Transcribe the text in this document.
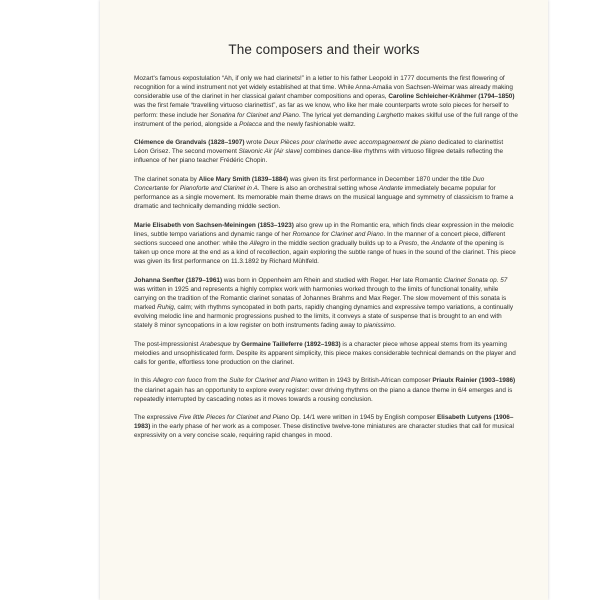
The composers and their works

Mozart's famous expostulation “Ah, if only we had clarinets!” in a letter to his father Leopold in 1777 documents the first flowering of recognition for a wind instrument not yet widely established at that time. While Anna-Amalia von Sachsen-Weimar was already making considerable use of the clarinet in her classical galant chamber compositions and operas, Caroline Schleicher-Krähmer (1794–1850) was the first female “travelling virtuoso clarinettist”, as far as we know, who like her male counterparts wrote solo pieces for herself to perform: these include her Sonatina for Clarinet and Piano. The lyrical yet demanding Larghetto makes skilful use of the full range of the instrument of the period, alongside a Polacca and the newly fashionable waltz.

Clémence de Grandvals (1828–1907) wrote Deux Pièces pour clarinette avec accompagnement de piano dedicated to clarinettist Léon Grisez. The second movement Slavonic Air [Air slave] combines dance-like rhythms with virtuoso filigree details reflecting the influence of her piano teacher Frédéric Chopin.

The clarinet sonata by Alice Mary Smith (1839–1884) was given its first performance in December 1870 under the title Duo Concertante for Pianoforte and Clarinet in A. There is also an orchestral setting whose Andante immediately became popular for performance as a single movement. Its memorable main theme draws on the musical language and symmetry of classicism to frame a dramatic and technically demanding middle section.

Marie Elisabeth von Sachsen-Meiningen (1853–1923) also grew up in the Romantic era, which finds clear expression in the melodic lines, subtle tempo variations and dynamic range of her Romance for Clarinet and Piano. In the manner of a concert piece, different sections succeed one another: while the Allegro in the middle section gradually builds up to a Presto, the Andante of the opening is taken up once more at the end as a kind of recollection, again exploring the subtle range of hues in the sound of the clarinet. This piece was given its first performance on 11.3.1892 by Richard Mühlfeld.

Johanna Senfter (1879–1961) was born in Oppenheim am Rhein and studied with Reger. Her late Romantic Clarinet Sonata op. 57 was written in 1925 and represents a highly complex work with harmonies worked through to the limits of functional tonality, while carrying on the tradition of the Romantic clarinet sonatas of Johannes Brahms and Max Reger. The slow movement of this sonata is marked Ruhig, calm; with rhythms syncopated in both parts, rapidly changing dynamics and expressive tempo variations, a continually evolving melodic line and harmonic progressions pushed to the limits, it conveys a state of suspense that is brought to an end with stately 8 minor syncopations in a low register on both instruments fading away to pianissimo.

The post-impressionist Arabesque by Germaine Tailleferre (1892–1983) is a character piece whose appeal stems from its yearning melodies and unsophisticated form. Despite its apparent simplicity, this piece makes considerable technical demands on the player and calls for gentle, effortless tone production on the clarinet.

In this Allegro con fuoco from the Suite for Clarinet and Piano written in 1943 by British-African composer Priaulx Rainier (1903–1986) the clarinet again has an opportunity to explore every register: over driving rhythms on the piano a dance theme in 6/4 emerges and is repeatedly interrupted by cascading notes as it moves towards a rousing conclusion.

The expressive Five little Pieces for Clarinet and Piano Op. 14/1 were written in 1945 by English composer Elisabeth Lutyens (1906–1983) in the early phase of her work as a composer. These distinctive twelve-tone miniatures are character studies that call for musical expressivity on a very concise scale, requiring rapid changes in mood.
